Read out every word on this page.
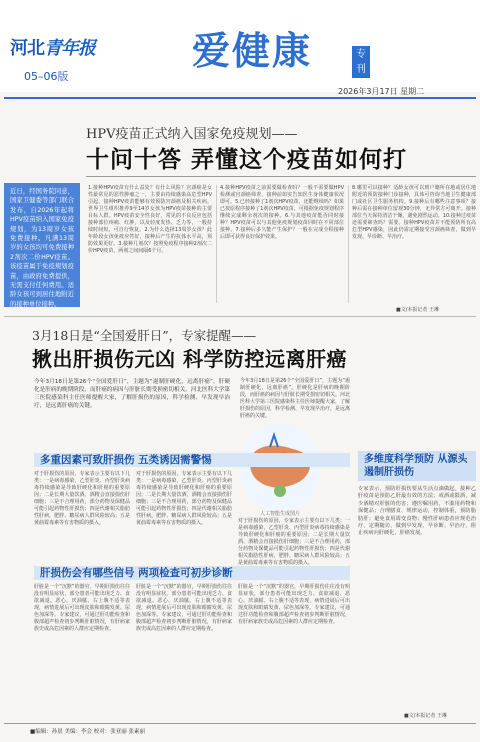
河北青年报
05–06版
爱健康	专刊
2026年3月17日 星期二
HPV疫苗正式纳入国家免疫规划——
十问十答 弄懂这个疫苗如何打
近日，经国务院同意，国家卫健委等部门联合发布，自2026年起将HPV疫苗纳入国家免疫规划，为13周岁女孩免费接种。凡满13周岁的女孩均可免费接种2剂次二价HPV疫苗。该疫苗属于免疫规划疫苗，由政府免费提供，无需支付任何费用。适龄女孩可到居住地附近的接种单位接种。
1.接种HPV疫苗有什么益处？有什么风险？宫颈癌是女性最常见的恶性肿瘤之一，主要由持续感染高危型HPV引起。接种HPV疫苗能够有效预防宫颈癌及相关疾病。世界卫生组织推荐9至14岁女孩为HPV疫苗接种的主要目标人群。HPV疫苗安全性良好，常见的不良反应包括接种部位疼痛、红肿，以及轻度发热、乏力等，一般持续时间短，可自行恢复。2.为什么选择13周岁女孩？此年龄段女孩免疫应答好，接种后产生的抗体水平高，预防效果更好。3.接种几剂次？按照免疫程序接种2剂次二价HPV疫苗，两剂之间间隔6个月。
4.接种HPV疫苗之前需要做检查吗？一般不需要做HPV检测或宫颈癌筛查，接种前如实告知医生身体健康状况即可。5.已经接种了1剂次HPV疫苗，还能继续吗？如果已按原程序接种了1剂次HPV疫苗，可根据免疫规划程序继续完成剩余剂次的接种。6.与其他疫苗能否同时接种？HPV疫苗可以与其他免疫规划疫苗同时在不同部位接种。7.接种后多久能产生保护？一般在完成全程接种后即可获得良好保护效果。
8.哪里可以接种？适龄女孩可以到户籍所在地或居住地附近的预防接种门诊接种，具体可咨询当地卫生健康部门或社区卫生服务机构。9.接种后有哪些注意事项？接种后需在接种单位留观30分钟，无异常方可离开。接种部位当天保持清洁干燥，避免剧烈运动。10.接种过疫苗还需要筛查吗？需要。接种HPV疫苗并不能预防所有高危型HPV感染，因此仍需定期接受宫颈癌筛查，做到早发现、早诊断、早治疗。
■文/本报记者 王琳
3月18日是“全国爱肝日”，专家提醒——
揪出肝损伤元凶 科学防控远离肝癌
今年3月18日是第26个“全国爱肝日”，主题为“遏制肝硬化，远离肝癌”。肝硬化是肝病的晚期阶段，而肝癌的病因与肝脏长期受损密切相关。河北医科大学第三医院感染科主任医师提醒大家，了解肝损伤的原因，科学检测、早发现早治疗，是远离肝癌的关键。
今年3月18日是第26个“全国爱肝日”，主题为“遏制肝硬化，远离肝癌”。肝硬化是肝病的晚期阶段，而肝癌的病因与肝脏长期受损密切相关。河北医科大学第三医院感染科主任医师提醒大家，了解肝损伤的原因，科学检测、早发现早治疗，是远离肝癌的关键。
人工智能生成图片
多重因素可致肝损伤 五类诱因需警惕
对于肝损伤的原因，专家表示主要有以下几类：一是病毒感染，乙型肝炎、丙型肝炎病毒持续感染是导致肝硬化和肝癌的重要原因；二是长期大量饮酒，酒精会直接损伤肝细胞；三是不合理用药，部分药物及保健品可能引起药物性肝损伤；四是代谢相关脂肪性肝病，肥胖、糖尿病人群风险较高；五是黄曲霉毒素等有害物质的摄入。
对于肝损伤的原因，专家表示主要有以下几类：一是病毒感染，乙型肝炎、丙型肝炎病毒持续感染是导致肝硬化和肝癌的重要原因；二是长期大量饮酒，酒精会直接损伤肝细胞；三是不合理用药，部分药物及保健品可能引起药物性肝损伤；四是代谢相关脂肪性肝病，肥胖、糖尿病人群风险较高；五是黄曲霉毒素等有害物质的摄入。	对于肝损伤的原因，专家表示主要有以下几类：一是病毒感染，乙型肝炎、丙型肝炎病毒持续感染是导致肝硬化和肝癌的重要原因；二是长期大量饮酒，酒精会直接损伤肝细胞；三是不合理用药，部分药物及保健品可能引起药物性肝损伤；四是代谢相关脂肪性肝病，肥胖、糖尿病人群风险较高；五是黄曲霉毒素等有害物质的摄入。
肝损伤会有哪些信号 两项检查可初步诊断
肝脏是一个“沉默”的器官，早期肝损伤往往没有明显症状，部分患者可能出现乏力、食欲减退、恶心、厌油腻、右上腹不适等表现，病情进展后可出现皮肤和眼睛发黄、尿色加深等。专家建议，可通过肝功能检查和腹部超声检查初步判断肝脏情况，有肝病家族史或高危因素的人群应定期检查。
肝脏是一个“沉默”的器官，早期肝损伤往往没有明显症状，部分患者可能出现乏力、食欲减退、恶心、厌油腻、右上腹不适等表现，病情进展后可出现皮肤和眼睛发黄、尿色加深等。专家建议，可通过肝功能检查和腹部超声检查初步判断肝脏情况，有肝病家族史或高危因素的人群应定期检查。
肝脏是一个“沉默”的器官，早期肝损伤往往没有明显症状，部分患者可能出现乏力、食欲减退、恶心、厌油腻、右上腹不适等表现，病情进展后可出现皮肤和眼睛发黄、尿色加深等。专家建议，可通过肝功能检查和腹部超声检查初步判断肝脏情况，有肝病家族史或高危因素的人群应定期检查。
多维度科学预防 从源头遏制肝损伤
专家表示，预防肝损伤要从生活点滴做起。接种乙肝疫苗是预防乙肝最有效的方法；戒酒或限酒，减少酒精对肝脏的伤害；遵医嘱用药，不滥用药物和保健品；合理膳食、规律运动，控制体重，预防脂肪肝；避免食用霉变食物；慢性肝病患者应规范治疗、定期随访，做到早发现、早诊断、早治疗，阻止疾病向肝硬化、肝癌发展。
■文/本报记者 王琳
■编辑：孙晨 美编：李会 校对：张亚丽 张素丽
